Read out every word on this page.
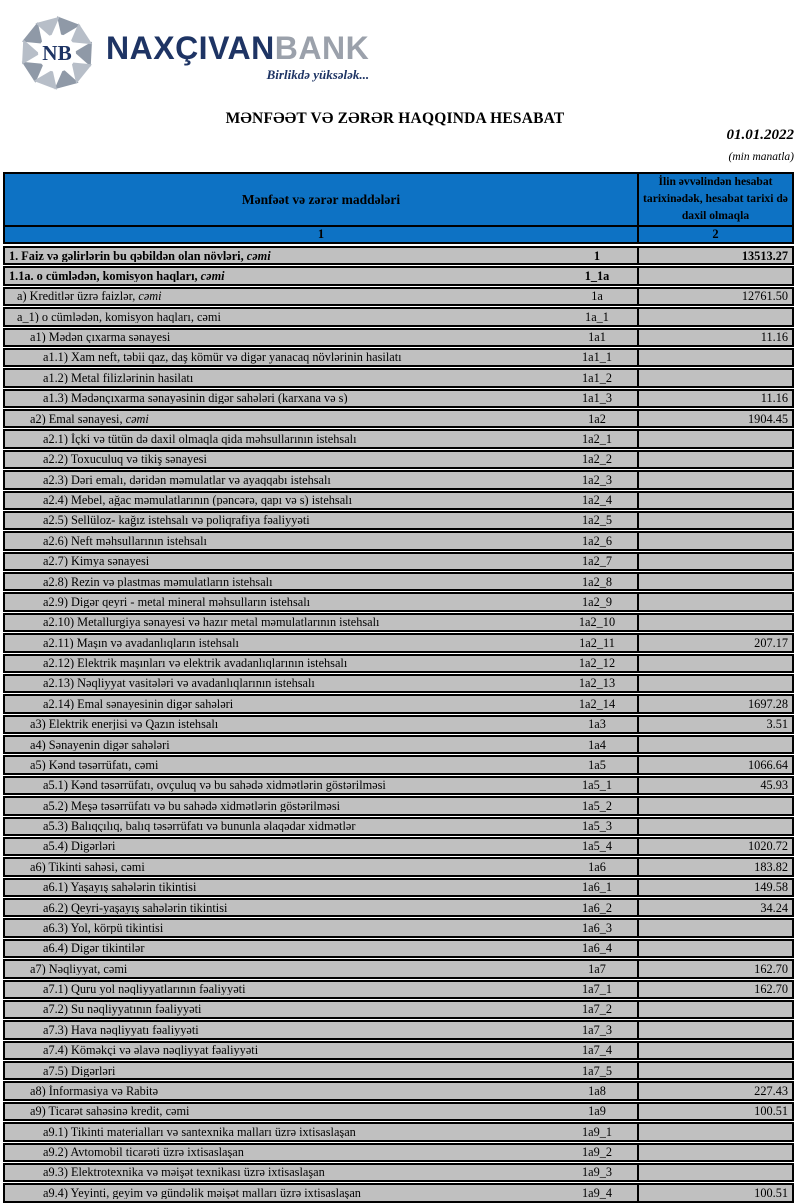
NB NAXÇIVANBANK
Birlikdə yüksələk...
MƏNFƏƏT VƏ ZƏRƏR HAQQINDA HESABAT
01.01.2022
(min manatla)
Mənfəət və zərər maddələri
İlin əvvəlindən hesabat tarixinədək, hesabat tarixi də daxil olmaqla
1	2
1. Faiz və gəlirlərin bu qəbildən olan növləri, cəmi	1	13513.27
1.1a. o cümlədən, komisyon haqları, cəmi	1_1a
a) Kreditlər üzrə faizlər, cəmi	1a	12761.50
a_1) o cümlədən, komisyon haqları, cəmi	1a_1
a1) Mədən çıxarma sənayesi	1a1	11.16
a1.1) Xam neft, təbii qaz, daş kömür və digər yanacaq növlərinin hasilatı	1a1_1
a1.2) Metal filizlərinin hasilatı	1a1_2
a1.3) Mədənçıxarma sənayəsinin digər sahələri (karxana və s)	1a1_3	11.16
a2) Emal sənayesi, cəmi	1a2	1904.45
a2.1) İçki və tütün də daxil olmaqla qida məhsullarının istehsalı	1a2_1
a2.2) Toxuculuq və tikiş sənayesi	1a2_2
a2.3) Dəri emalı, dəridən məmulatlar və ayaqqabı istehsalı	1a2_3
a2.4) Mebel, ağac məmulatlarının (pəncərə, qapı və s) istehsalı	1a2_4
a2.5) Sellüloz- kağız istehsalı və poliqrafiya fəaliyyəti	1a2_5
a2.6) Neft məhsullarının istehsalı	1a2_6
a2.7) Kimya sənayesi	1a2_7
a2.8) Rezin və plastmas məmulatların istehsalı	1a2_8
a2.9) Digər qeyri - metal mineral məhsulların istehsalı	1a2_9
a2.10) Metallurgiya sənayesi və hazır metal məmulatlarının istehsalı	1a2_10
a2.11) Maşın və avadanlıqların istehsalı	1a2_11	207.17
a2.12) Elektrik maşınları və elektrik avadanlıqlarının istehsalı	1a2_12
a2.13) Nəqliyyat vasitələri və avadanlıqlarının istehsalı	1a2_13
a2.14) Emal sənayesinin digər sahələri	1a2_14	1697.28
a3) Elektrik enerjisi və Qazın istehsalı	1a3	3.51
a4) Sənayenin digər sahələri	1a4
a5) Kənd təsərrüfatı, cəmi	1a5	1066.64
a5.1) Kənd təsərrüfatı, ovçuluq və bu sahədə xidmətlərin göstərilməsi	1a5_1	45.93
a5.2) Meşə təsərrüfatı və bu sahədə xidmətlərin göstərilməsi	1a5_2
a5.3) Balıqçılıq, balıq təsərrüfatı və bununla əlaqədar xidmətlər	1a5_3
a5.4) Digərləri	1a5_4	1020.72
a6) Tikinti sahəsi, cəmi	1a6	183.82
a6.1) Yaşayış sahələrin tikintisi	1a6_1	149.58
a6.2) Qeyri-yaşayış sahələrin tikintisi	1a6_2	34.24
a6.3) Yol, körpü tikintisi	1a6_3
a6.4) Digər tikintilər	1a6_4
a7) Nəqliyyat, cəmi	1a7	162.70
a7.1) Quru yol nəqliyyatlarının fəaliyyəti	1a7_1	162.70
a7.2) Su nəqliyyatının fəaliyyəti	1a7_2
a7.3) Hava nəqliyyatı fəaliyyəti	1a7_3
a7.4) Köməkçi və əlavə nəqliyyat fəaliyyəti	1a7_4
a7.5) Digərləri	1a7_5
a8) İnformasiya və Rabitə	1a8	227.43
a9) Ticarət sahəsinə kredit, cəmi	1a9	100.51
a9.1) Tikinti materialları və santexnika malları üzrə ixtisaslaşan	1a9_1
a9.2) Avtomobil ticarəti üzrə ixtisaslaşan	1a9_2
a9.3) Elektrotexnika və məişət texnikası üzrə ixtisaslaşan	1a9_3
a9.4) Yeyinti, geyim və gündəlik məişət malları üzrə ixtisaslaşan	1a9_4	100.51
